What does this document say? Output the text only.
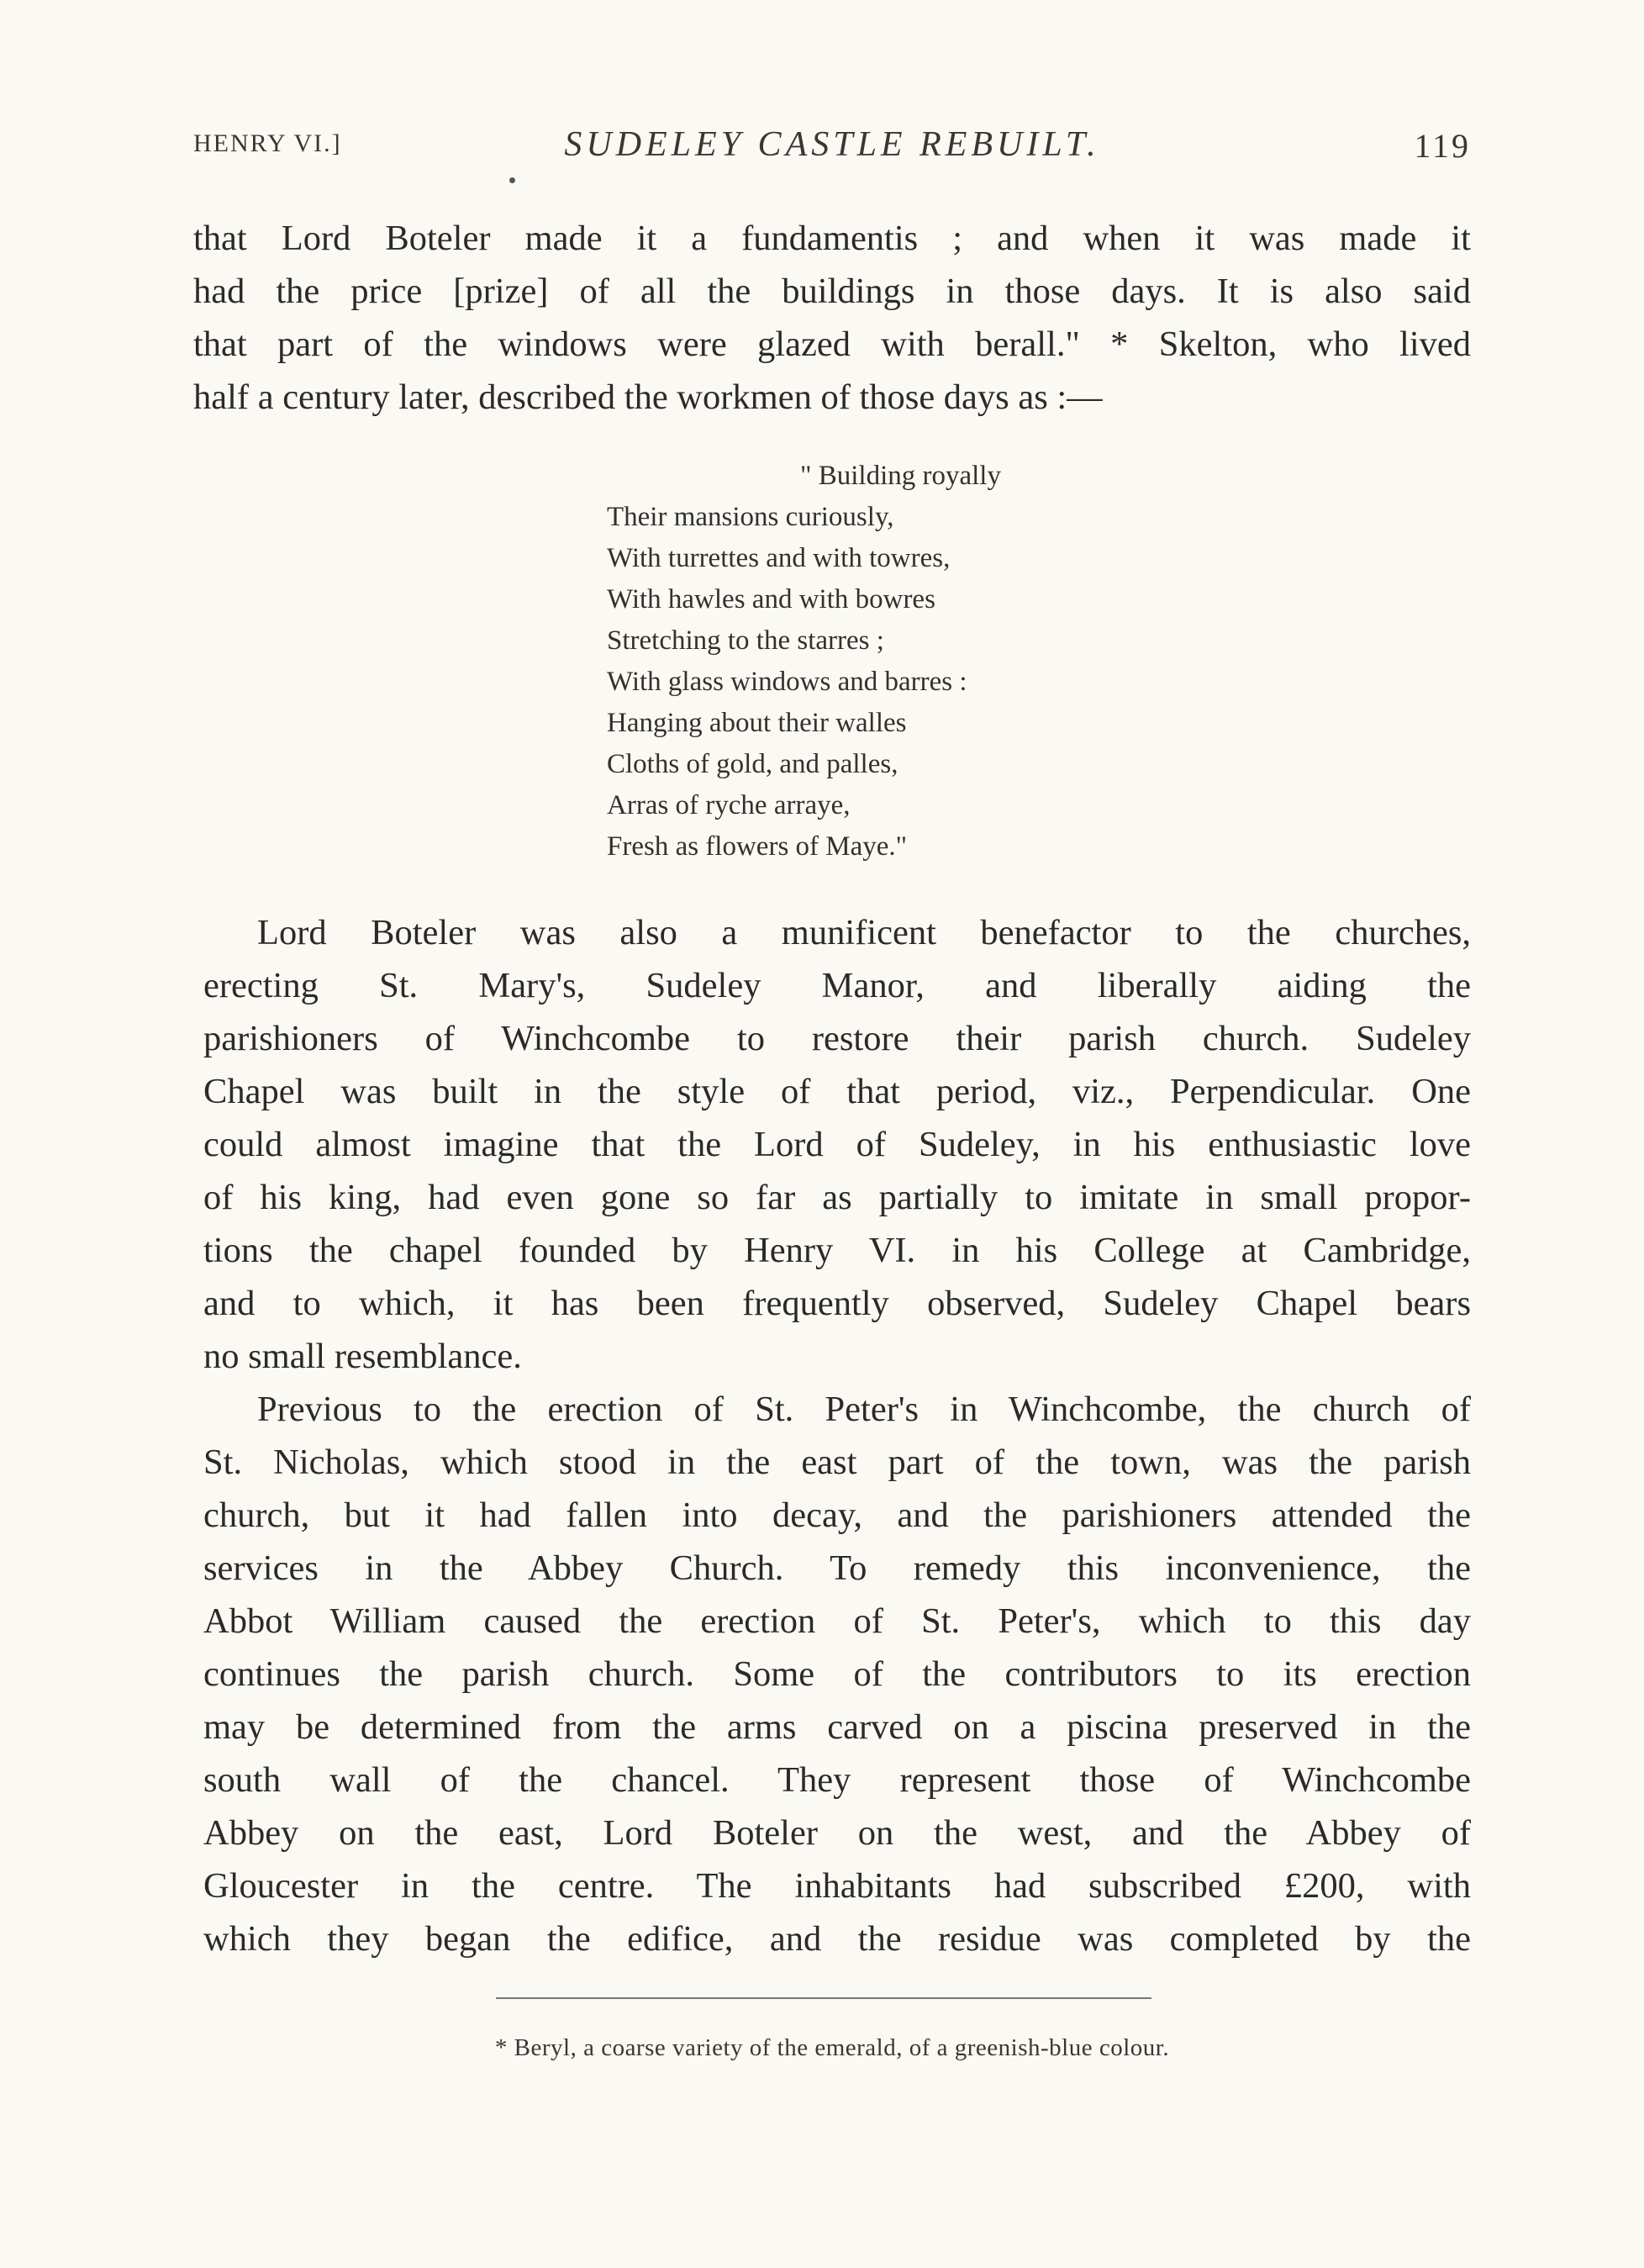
HENRY VI.]	SUDELEY CASTLE REBUILT.	119
that Lord Boteler made it a fundamentis ; and when it was made it
had the price [prize] of all the buildings in those days. It is also said
that part of the windows were glazed with berall." * Skelton, who lived
half a century later, described the workmen of those days as :—
" Building royally
Their mansions curiously,
With turrettes and with towres,
With hawles and with bowres
Stretching to the starres ;
With glass windows and barres :
Hanging about their walles
Cloths of gold, and palles,
Arras of ryche arraye,
Fresh as flowers of Maye."
Lord Boteler was also a munificent benefactor to the churches,
erecting St. Mary's, Sudeley Manor, and liberally aiding the
parishioners of Winchcombe to restore their parish church. Sudeley
Chapel was built in the style of that period, viz., Perpendicular. One
could almost imagine that the Lord of Sudeley, in his enthusiastic love
of his king, had even gone so far as partially to imitate in small propor-
tions the chapel founded by Henry VI. in his College at Cambridge,
and to which, it has been frequently observed, Sudeley Chapel bears
no small resemblance.
Previous to the erection of St. Peter's in Winchcombe, the church of
St. Nicholas, which stood in the east part of the town, was the parish
church, but it had fallen into decay, and the parishioners attended the
services in the Abbey Church. To remedy this inconvenience, the
Abbot William caused the erection of St. Peter's, which to this day
continues the parish church. Some of the contributors to its erection
may be determined from the arms carved on a piscina preserved in the
south wall of the chancel. They represent those of Winchcombe
Abbey on the east, Lord Boteler on the west, and the Abbey of
Gloucester in the centre. The inhabitants had subscribed £200, with
which they began the edifice, and the residue was completed by the
* Beryl, a coarse variety of the emerald, of a greenish-blue colour.
